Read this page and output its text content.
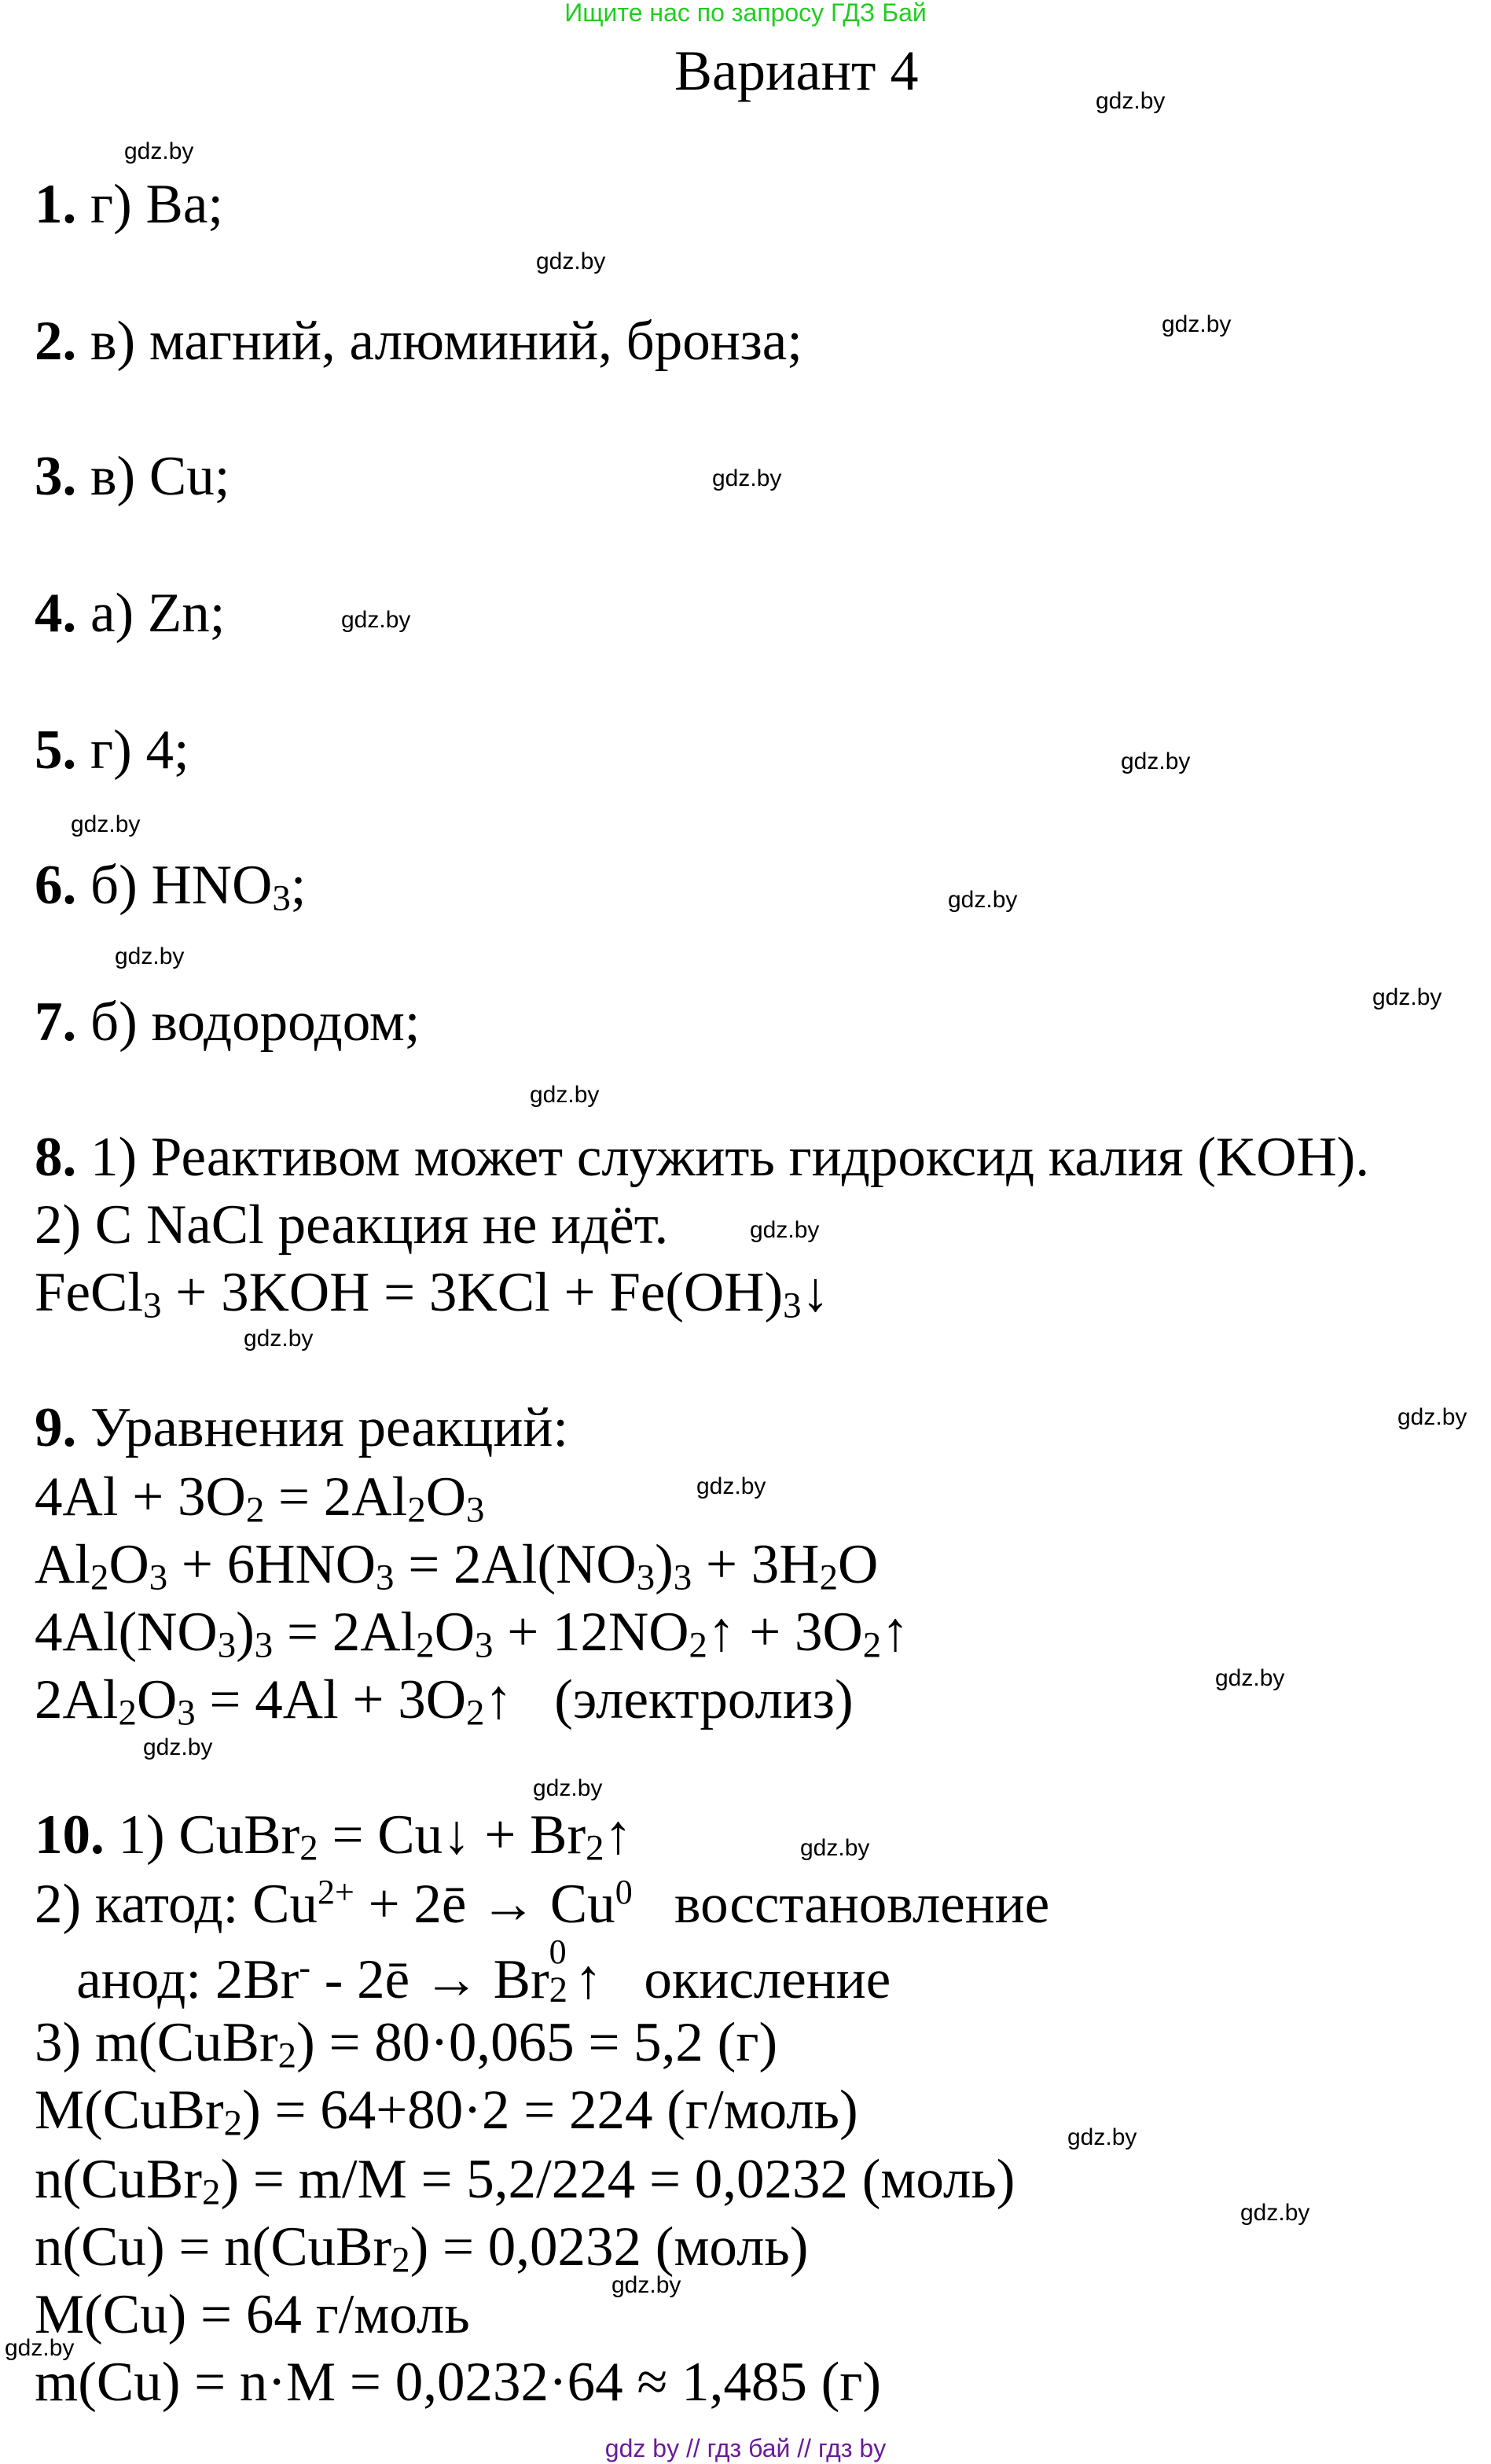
Ищите нас по запросу ГДЗ Бай
Вариант 4
1. г) Ba;
2. в) магний, алюминий, бронза;
3. в) Cu;
4. а) Zn;
5. г) 4;
6. б) $HNO_3$;
7. б) водородом;
8. 1) Реактивом может служить гидроксид калия (KOH).
2) C NaCl реакция не идёт.
FeCl$_3$ + $3KOH = 3KCl + Fe(OH)_3↓$
9. Уравнения реакций:
$4Al + 3O_2 = 2Al_2O_3$
$Al_2O_3 + 6HNO_3 = 2Al(NO_3)_3 + 3H_2O$
$4Al(NO_3)_3 = 2Al_2O_3$ + $12NO_2↑$ + $3O_2↑$
$2Al_2O_3 = 4Al$ + $3O_2↑$   (электролиз)
10. 1) CuBr$_2$ = Cu↓ + $Br_2↑$
2) катод: $Cu^{2+}$ + 2ē → $Cu^0$   восстановление
анод: 2Br- - 2ē → Br 2
0 ↑   окисление
3) m(CuBr$_2$) = 80·0,065 = 5,2 (г)
M(CuBr$_2$) = 64+80·2 = 224 (г/моль)
n(CuBr$_2$) = m/M = 5,2/224 = 0,0232 (моль)
n(Cu) = n(CuBr$_2$) = 0,0232 (моль)
M(Cu) = 64 г/моль
m(Cu) = n·M = 0,0232·64 ≈ 1,485 (г)
gdz.by
gdz.by
gdz.by
gdz.by
gdz.by
gdz.by
gdz.by
gdz.by
gdz.by
gdz.by
gdz.by
gdz.by
gdz.by
gdz.by
gdz.by
gdz.by
gdz.by
gdz.by
gdz.by
gdz.by
gdz.by
gdz.by
gdz.by
gdz.by
gdz by // гдз бай // гдз by
